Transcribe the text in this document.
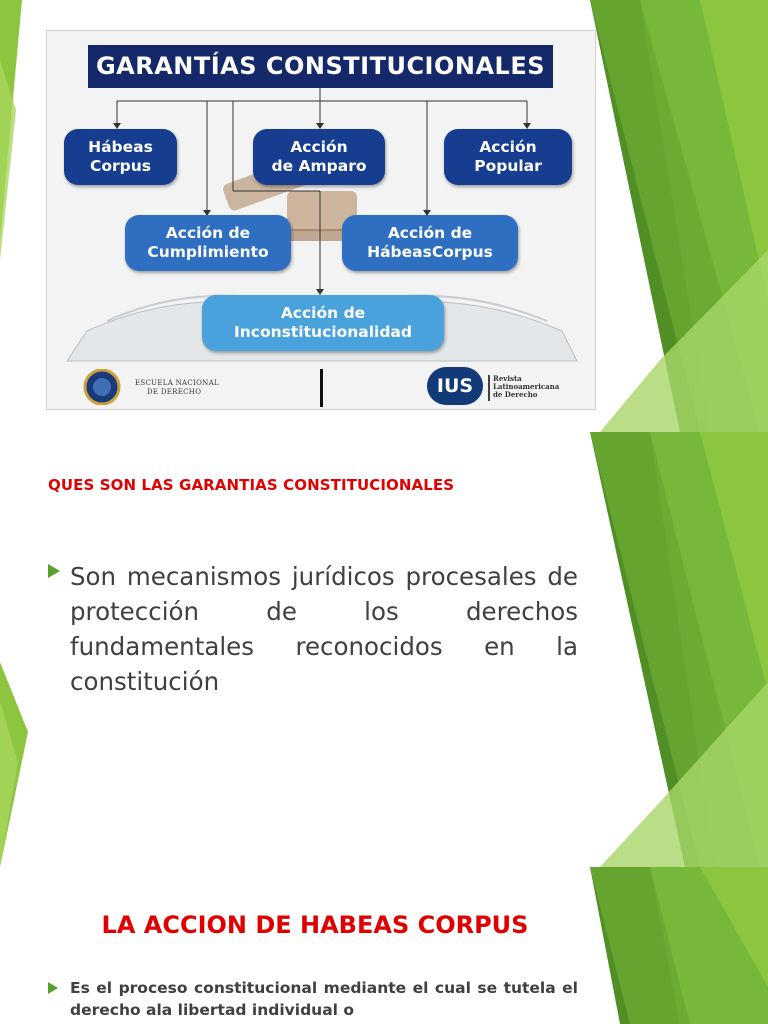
GARANTÍAS CONSTITUCIONALES
Hábeas
Corpus
Acción
de Amparo
Acción
Popular
Acción de
Cumplimiento
Acción de
HábeasCorpus
Acción de
Inconstitucionalidad
ESCUELA NACIONAL
DE DERECHO	IUS	Revista
Latinoamericana
de Derecho
QUES SON LAS GARANTIAS CONSTITUCIONALES
Son mecanismos jurídicos procesales de protección de los derechos fundamentales reconocidos en la constitución
LA ACCION DE HABEAS CORPUS
Es el proceso constitucional mediante el cual se tutela el derecho ala libertad individual o
